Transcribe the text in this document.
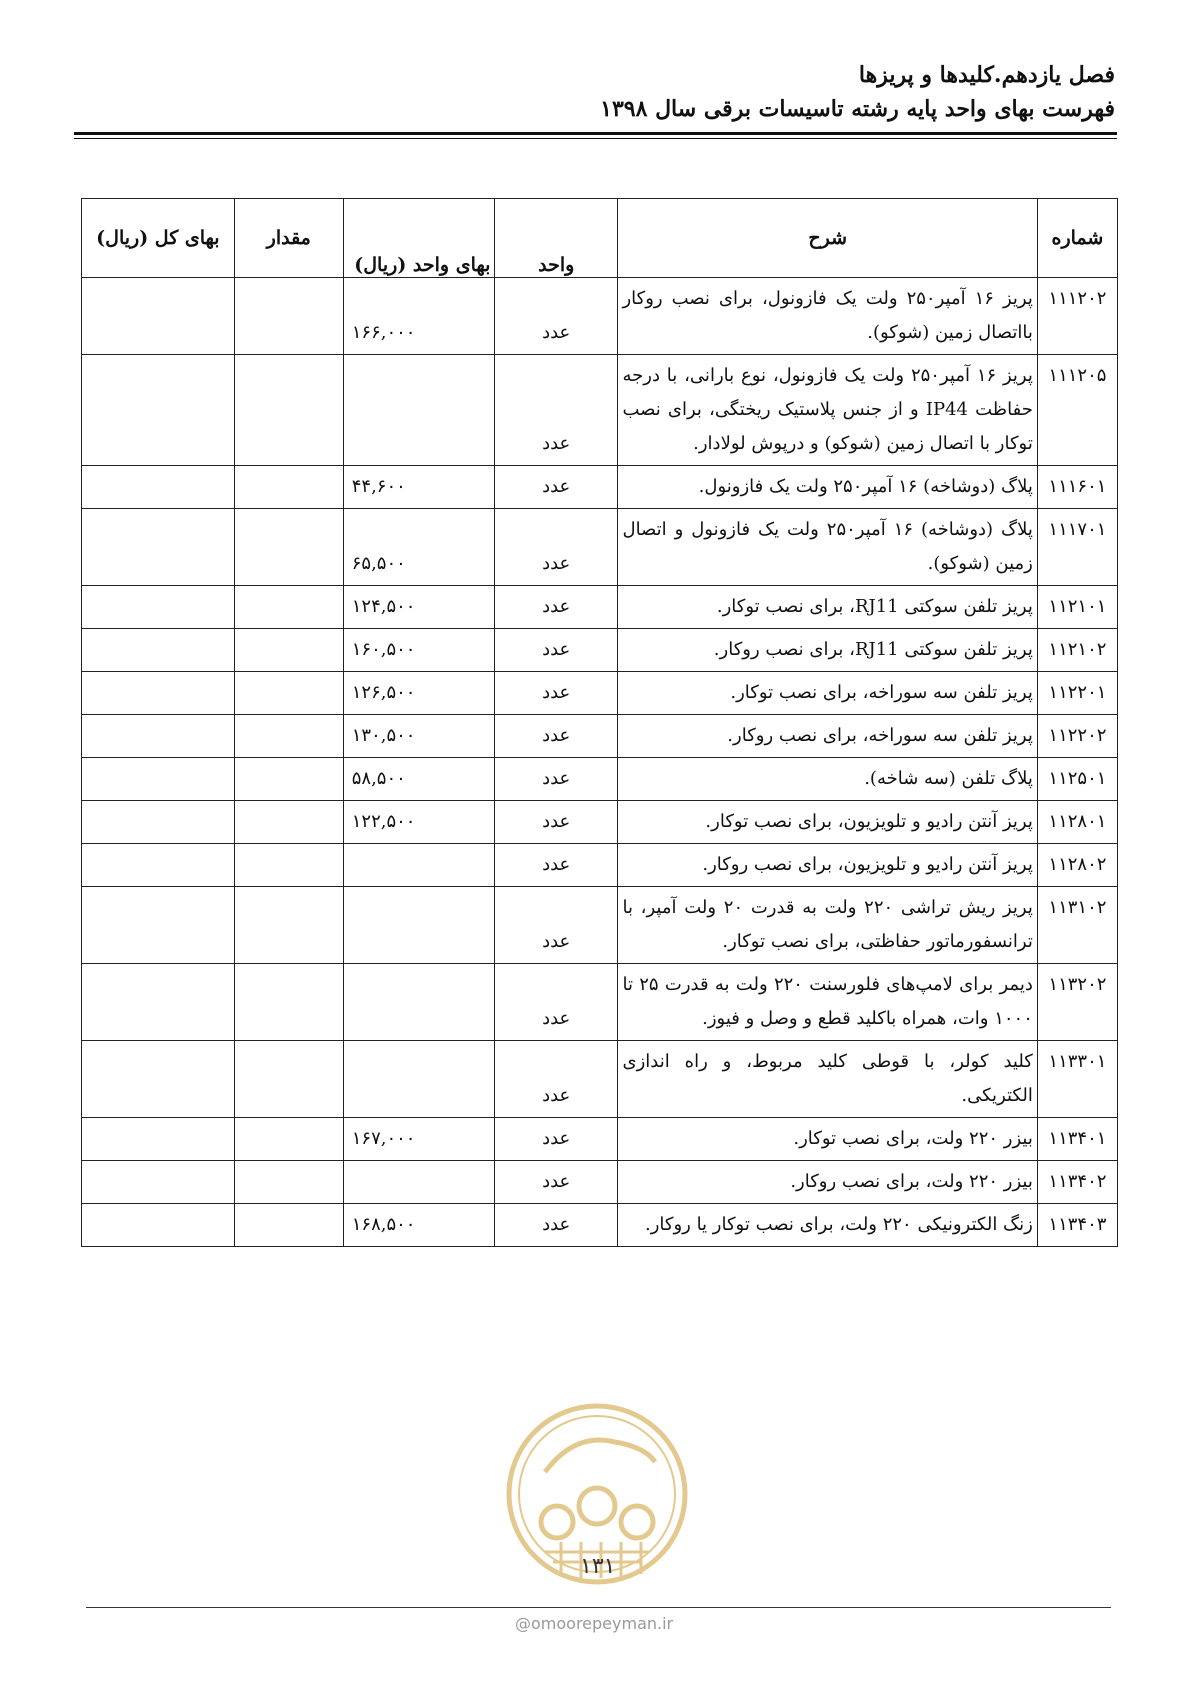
فصل یازدهم.کلیدها و پریزها
فهرست بهای واحد پایه رشته تاسیسات برقی سال ۱۳۹۸
شماره	شرح	واحد	بهای واحد (ریال)	مقدار	بهای کل (ریال)
۱۱۱۲۰۲	پریز ۱۶ آمپر۲۵۰ ولت یک فازونول، برای نصب روکار بااتصال زمین (شوکو).	عدد	۱۶۶,۰۰۰		
۱۱۱۲۰۵	پریز ۱۶ آمپر۲۵۰ ولت یک فازونول، نوع بارانی، با درجه حفاظت IP44 و از جنس پلاستیک ریختگی، برای نصب توکار با اتصال زمین (شوکو) و درپوش لولادار.	عدد			
۱۱۱۶۰۱	پلاگ (دوشاخه) ۱۶ آمپر۲۵۰ ولت یک فازونول.	عدد	۴۴,۶۰۰		
۱۱۱۷۰۱	پلاگ (دوشاخه) ۱۶ آمپر۲۵۰ ولت یک فازونول و اتصال زمین (شوکو).	عدد	۶۵,۵۰۰		
۱۱۲۱۰۱	پریز تلفن سوکتی RJ11، برای نصب توکار.	عدد	۱۲۴,۵۰۰		
۱۱۲۱۰۲	پریز تلفن سوکتی RJ11، برای نصب روکار.	عدد	۱۶۰,۵۰۰		
۱۱۲۲۰۱	پریز تلفن سه سوراخه، برای نصب توکار.	عدد	۱۲۶,۵۰۰		
۱۱۲۲۰۲	پریز تلفن سه سوراخه، برای نصب روکار.	عدد	۱۳۰,۵۰۰		
۱۱۲۵۰۱	پلاگ تلفن (سه شاخه).	عدد	۵۸,۵۰۰		
۱۱۲۸۰۱	پریز آنتن رادیو و تلویزیون، برای نصب توکار.	عدد	۱۲۲,۵۰۰		
۱۱۲۸۰۲	پریز آنتن رادیو و تلویزیون، برای نصب روکار.	عدد			
۱۱۳۱۰۲	پریز ریش تراشی ۲۲۰ ولت به قدرت ۲۰ ولت آمپر، با ترانسفورماتور حفاظتی، برای نصب توکار.	عدد			
۱۱۳۲۰۲	دیمر برای لامپ‌های فلورسنت ۲۲۰ ولت به قدرت ۲۵ تا ۱۰۰۰ وات، همراه باکلید قطع و وصل و فیوز.	عدد			
۱۱۳۳۰۱	کلید کولر، با قوطی کلید مربوط، و راه اندازی الکتریکی.	عدد			
۱۱۳۴۰۱	بیزر ۲۲۰ ولت، برای نصب توکار.	عدد	۱۶۷,۰۰۰		
۱۱۳۴۰۲	بیزر ۲۲۰ ولت، برای نصب روکار.	عدد			
۱۱۳۴۰۳	زنگ الکترونیکی ۲۲۰ ولت، برای نصب توکار یا روکار.	عدد	۱۶۸,۵۰۰		
۱۳۱
@omoorepeyman.ir
